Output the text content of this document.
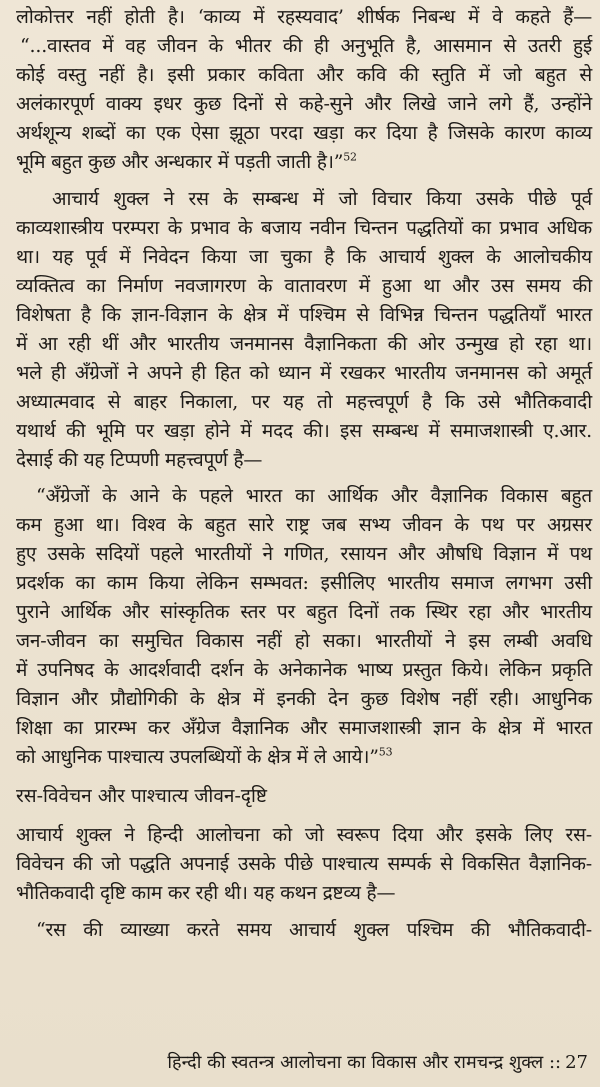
लोकोत्तर नहीं होती है। ‘काव्य में रहस्यवाद’ शीर्षक निबन्ध में वे कहते हैं—
“...वास्तव में वह जीवन के भीतर की ही अनुभूति है, आसमान से उतरी हुई
कोई वस्तु नहीं है। इसी प्रकार कविता और कवि की स्तुति में जो बहुत से
अलंकारपूर्ण वाक्य इधर कुछ दिनों से कहे-सुने और लिखे जाने लगे हैं, उन्होंने
अर्थशून्य शब्दों का एक ऐसा झूठा परदा खड़ा कर दिया है जिसके कारण काव्य
भूमि बहुत कुछ और अन्धकार में पड़ती जाती है।”$^{52}$
आचार्य शुक्ल ने रस के सम्बन्ध में जो विचार किया उसके पीछे पूर्व
काव्यशास्त्रीय परम्परा के प्रभाव के बजाय नवीन चिन्तन पद्धतियों का प्रभाव अधिक
था। यह पूर्व में निवेदन किया जा चुका है कि आचार्य शुक्ल के आलोचकीय
व्यक्तित्व का निर्माण नवजागरण के वातावरण में हुआ था और उस समय की
विशेषता है कि ज्ञान-विज्ञान के क्षेत्र में पश्चिम से विभिन्न चिन्तन पद्धतियाँ भारत
में आ रही थीं और भारतीय जनमानस वैज्ञानिकता की ओर उन्मुख हो रहा था।
भले ही अँग्रेजों ने अपने ही हित को ध्यान में रखकर भारतीय जनमानस को अमूर्त
अध्यात्मवाद से बाहर निकाला, पर यह तो महत्त्वपूर्ण है कि उसे भौतिकवादी
यथार्थ की भूमि पर खड़ा होने में मदद की। इस सम्बन्ध में समाजशास्त्री ए.आर.
देसाई की यह टिप्पणी महत्त्वपूर्ण है—
“अँग्रेजों के आने के पहले भारत का आर्थिक और वैज्ञानिक विकास बहुत
कम हुआ था। विश्व के बहुत सारे राष्ट्र जब सभ्य जीवन के पथ पर अग्रसर
हुए उसके सदियों पहले भारतीयों ने गणित, रसायन और औषधि विज्ञान में पथ
प्रदर्शक का काम किया लेकिन सम्भवत: इसीलिए भारतीय समाज लगभग उसी
पुराने आर्थिक और सांस्कृतिक स्तर पर बहुत दिनों तक स्थिर रहा और भारतीय
जन-जीवन का समुचित विकास नहीं हो सका। भारतीयों ने इस लम्बी अवधि
में उपनिषद के आदर्शवादी दर्शन के अनेकानेक भाष्य प्रस्तुत किये। लेकिन प्रकृति
विज्ञान और प्रौद्योगिकी के क्षेत्र में इनकी देन कुछ विशेष नहीं रही। आधुनिक
शिक्षा का प्रारम्भ कर अँग्रेज वैज्ञानिक और समाजशास्त्री ज्ञान के क्षेत्र में भारत
को आधुनिक पाश्चात्य उपलब्धियों के क्षेत्र में ले आये।”$^{53}$
रस-विवेचन और पाश्चात्य जीवन-दृष्टि
आचार्य शुक्ल ने हिन्दी आलोचना को जो स्वरूप दिया और इसके लिए रस-
विवेचन की जो पद्धति अपनाई उसके पीछे पाश्चात्य सम्पर्क से विकसित वैज्ञानिक-
भौतिकवादी दृष्टि काम कर रही थी। यह कथन द्रष्टव्य है—
“रस की व्याख्या करते समय आचार्य शुक्ल पश्चिम की भौतिकवादी-
हिन्दी की स्वतन्त्र आलोचना का विकास और रामचन्द्र शुक्ल :: 27
